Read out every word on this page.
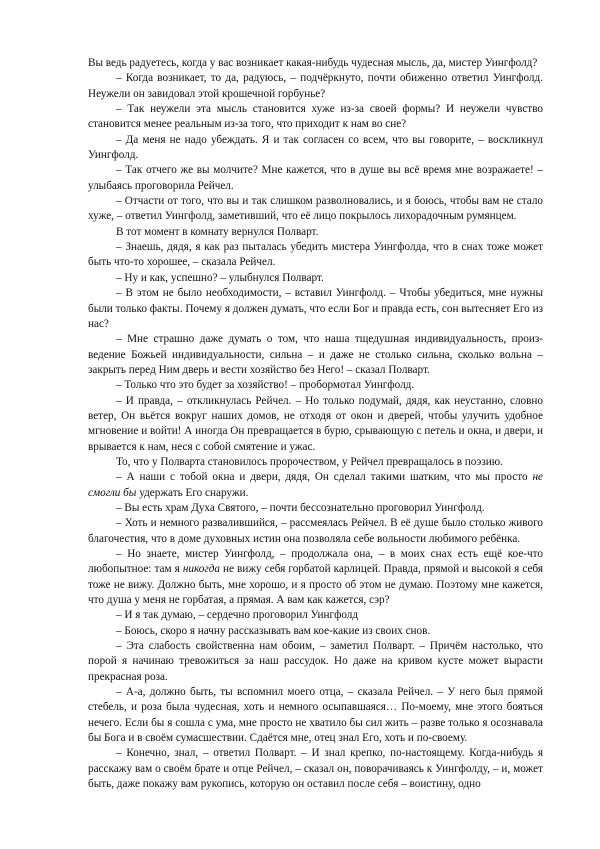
Вы ведь радуетесь, когда у вас возникает какая-нибудь чудесная мысль, да, мистер Уингфолд?

– Когда возникает, то да, радуюсь, – подчёркнуто, почти обиженно ответил Уингфолд. Неужели он завидовал этой крошечной горбунье?

– Так неужели эта мысль становится хуже из-за своей формы? И неужели чувство становится менее реальным из-за того, что приходит к нам во сне?

– Да меня не надо убеждать. Я и так согласен со всем, что вы говорите, – воскликнул Уингфолд.

– Так отчего же вы молчите? Мне кажется, что в душе вы всё время мне возражаете! – улыбаясь проговорила Рейчел.

– Отчасти от того, что вы и так слишком разволновались, и я боюсь, чтобы вам не стало хуже, – ответил Уингфолд, заметивший, что её лицо покрылось лихорадочным румянцем.

В тот момент в комнату вернулся Полварт.

– Знаешь, дядя, я как раз пыталась убедить мистера Уингфолда, что в снах тоже может быть что-то хорошее, – сказала Рейчел.

– Ну и как, успешно? – улыбнулся Полварт.

– В этом не было необходимости, – вставил Уингфолд. – Чтобы убедиться, мне нужны были только факты. Почему я должен думать, что если Бог и правда есть, сон вытесняет Его из нас?

– Мне страшно даже думать о том, что наша тщедушная индивидуальность, произведение Божьей индивидуальности, сильна – и даже не столько сильна, сколько вольна – закрыть перед Ним дверь и вести хозяйство без Него! – сказал Полварт.

– Только что это будет за хозяйство! – пробормотал Уингфолд.

– И правда, – откликнулась Рейчел. – Но только подумай, дядя, как неустанно, словно ветер, Он вьётся вокруг наших домов, не отходя от окон и дверей, чтобы улучить удобное мгновение и войти! А иногда Он превращается в бурю, срывающую с петель и окна, и двери, и врывается к нам, неся с собой смятение и ужас.

То, что у Полварта становилось пророчеством, у Рейчел превращалось в поэзию.

– А наши с тобой окна и двери, дядя, Он сделал такими шатким, что мы просто не смогли бы удержать Его снаружи.

– Вы есть храм Духа Святого, – почти бессознательно проговорил Уингфолд.

– Хоть и немного развалившийся, – рассмеялась Рейчел. В её душе было столько живого благочестия, что в доме духовных истин она позволяла себе вольности любимого ребёнка.

– Но знаете, мистер Уингфолд, – продолжала она, – в моих снах есть ещё кое-что любопытное: там я никогда не вижу себя горбатой карлицей. Правда, прямой и высокой я себя тоже не вижу. Должно быть, мне хорошо, и я просто об этом не думаю. Поэтому мне кажется, что душа у меня не горбатая, а прямая. А вам как кажется, сэр?

– И я так думаю, – сердечно проговорил Уингфолд

– Боюсь, скоро я начну рассказывать вам кое-какие из своих снов.

– Эта слабость свойственна нам обоим, – заметил Полварт. – Причём настолько, что порой я начинаю тревожиться за наш рассудок. Но даже на кривом кусте может вырасти прекрасная роза.

– А-а, должно быть, ты вспомнил моего отца, – сказала Рейчел. – У него был прямой стебель, и роза была чудесная, хоть и немного осыпавшаяся… По-моему, мне этого бояться нечего. Если бы я сошла с ума, мне просто не хватило бы сил жить – разве только я осознавала бы Бога и в своём сумасшествии. Сдаётся мне, отец знал Его, хоть и по-своему.

– Конечно, знал, – ответил Полварт. – И знал крепко, по-настоящему. Когда-нибудь я расскажу вам о своём брате и отце Рейчел, – сказал он, поворачиваясь к Уингфолду, – и, может быть, даже покажу вам рукопись, которую он оставил после себя – воистину, одно
